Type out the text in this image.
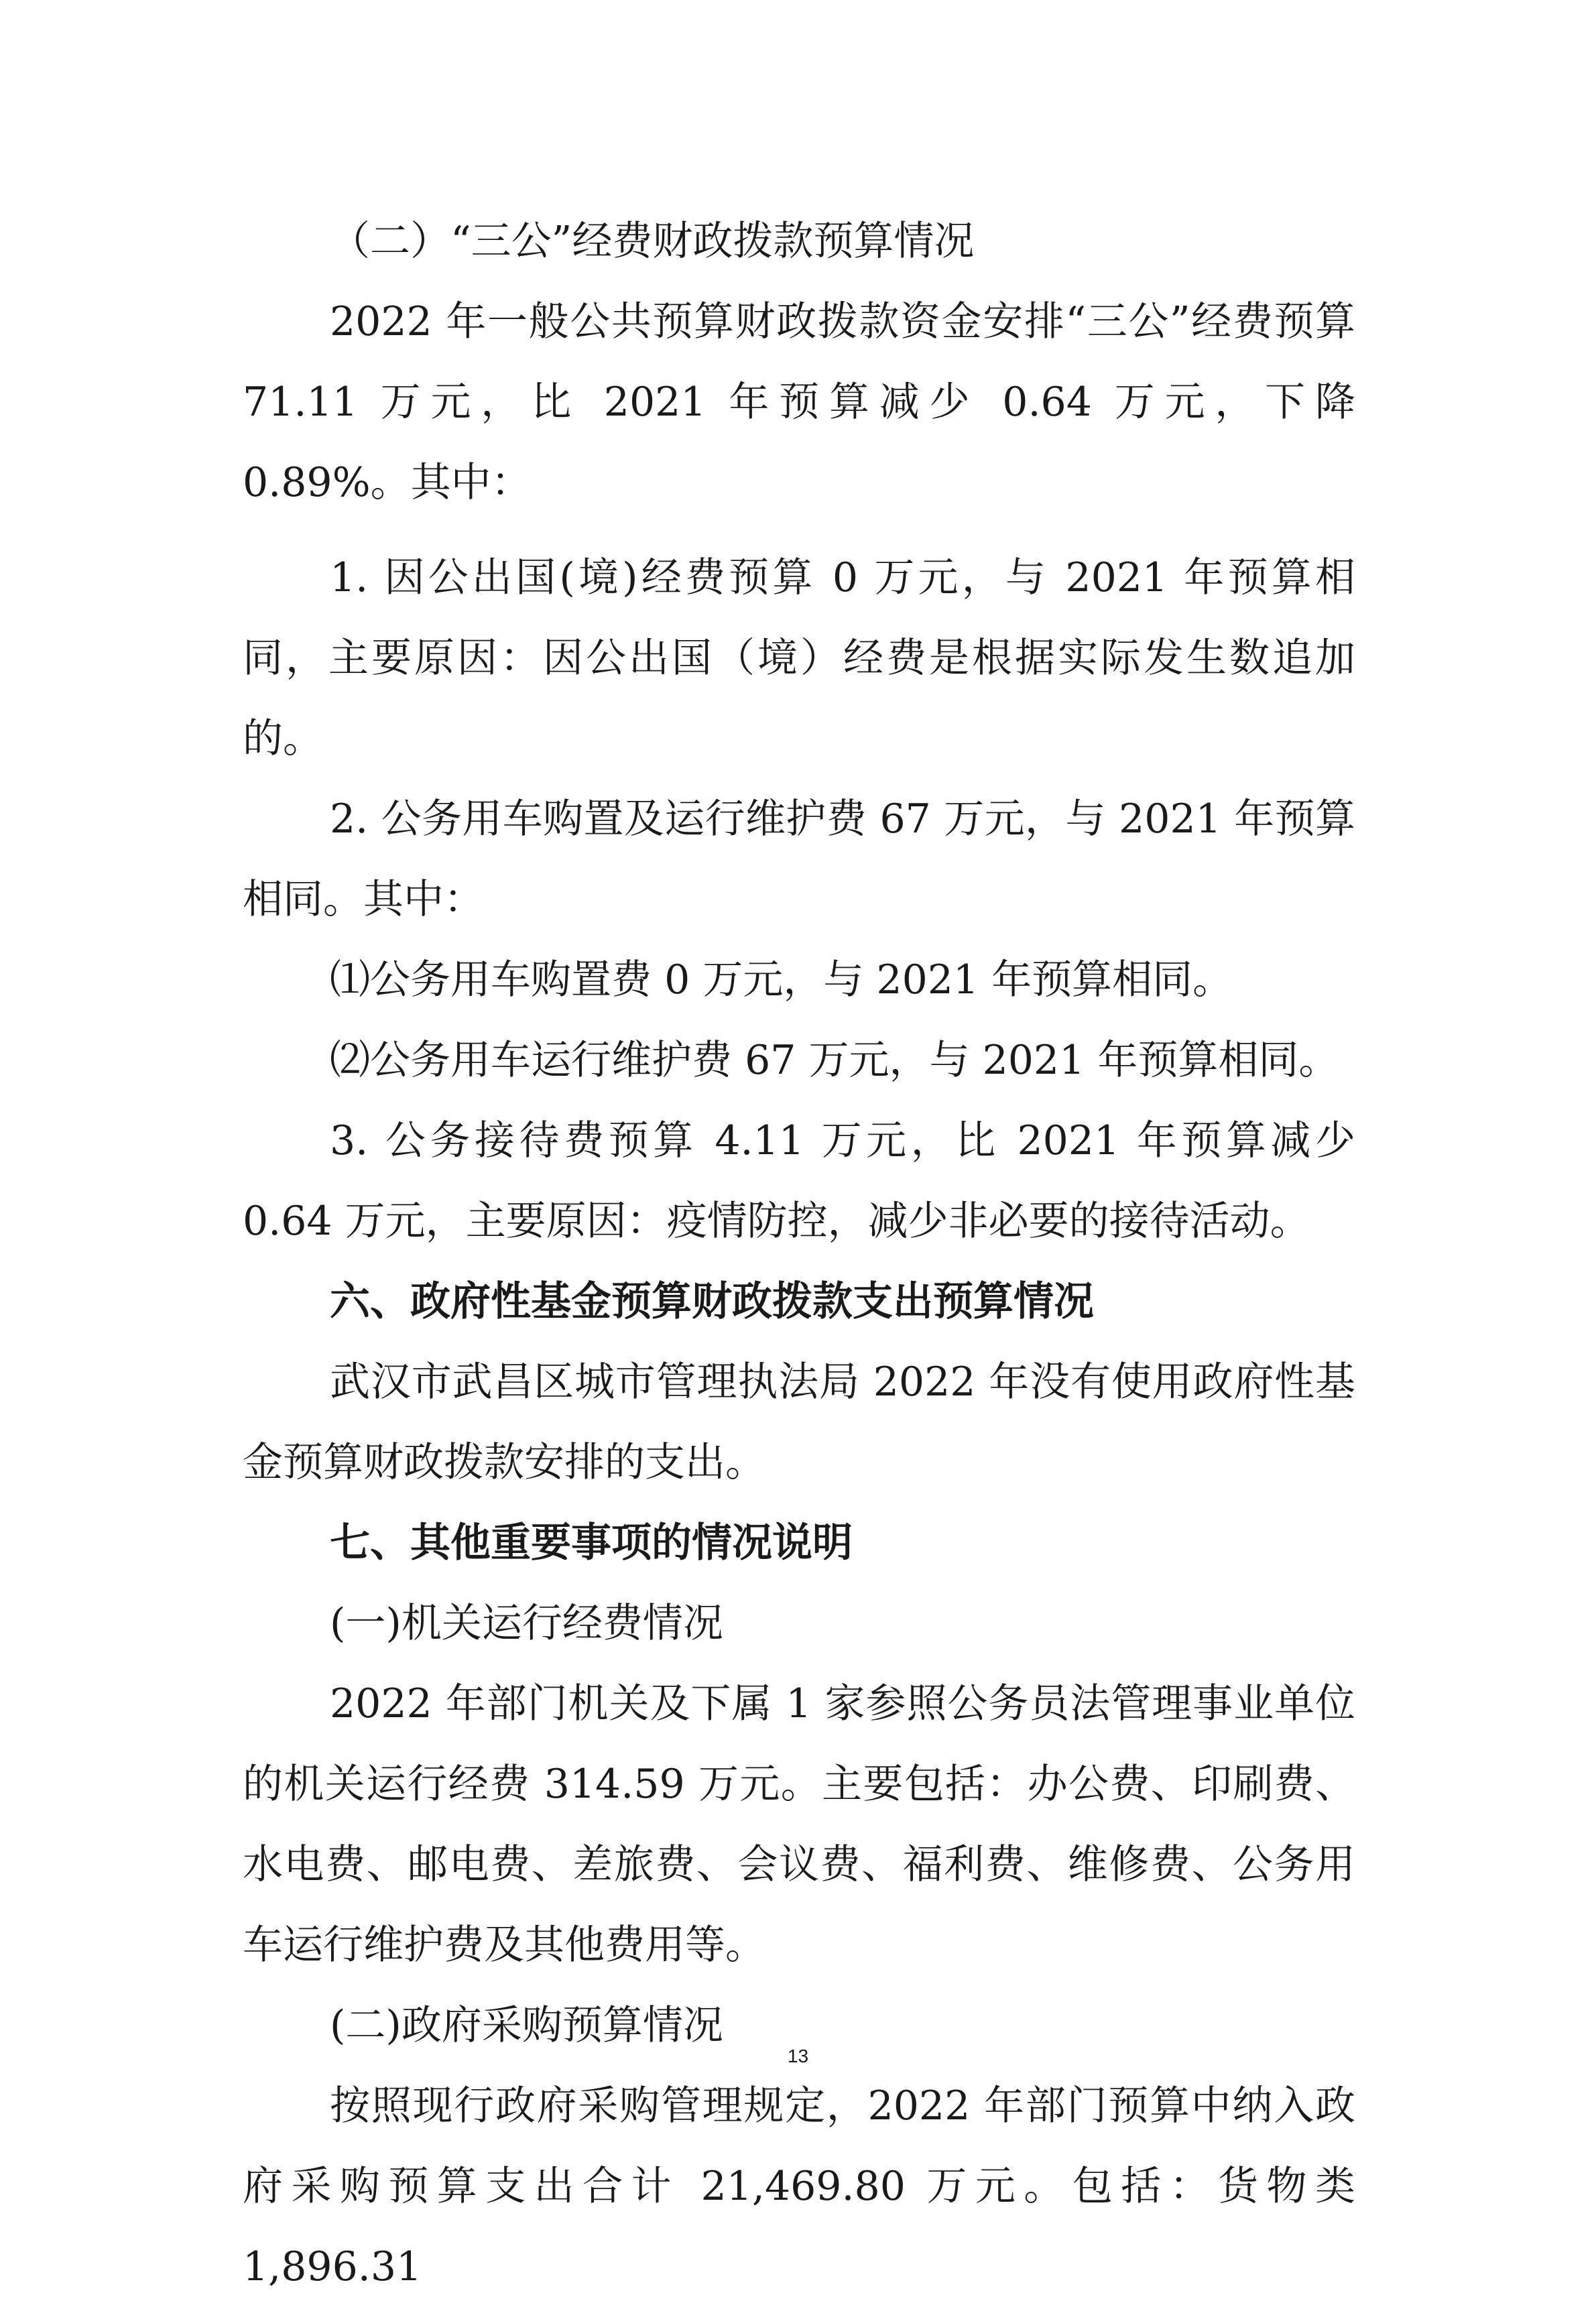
（二）“三公”经费财政拨款预算情况

2022 年一般公共预算财政拨款资金安排“三公”经费预算 71.11 万元，比 2021 年预算减少 0.64 万元，下降 0.89%。其中：

1. 因公出国(境)经费预算 0 万元，与 2021 年预算相同，主要原因：因公出国（境）经费是根据实际发生数追加的。

2. 公务用车购置及运行维护费 67 万元，与 2021 年预算相同。其中：

⑴公务用车购置费 0 万元，与 2021 年预算相同。

⑵公务用车运行维护费 67 万元，与 2021 年预算相同。

3. 公务接待费预算 4.11 万元，比 2021 年预算减少 0.64 万元，主要原因：疫情防控，减少非必要的接待活动。

六、政府性基金预算财政拨款支出预算情况

武汉市武昌区城市管理执法局 2022 年没有使用政府性基金预算财政拨款安排的支出。

七、其他重要事项的情况说明

(一)机关运行经费情况

2022 年部门机关及下属 1 家参照公务员法管理事业单位的机关运行经费 314.59 万元。主要包括：办公费、印刷费、水电费、邮电费、差旅费、会议费、福利费、维修费、公务用车运行维护费及其他费用等。

(二)政府采购预算情况

按照现行政府采购管理规定，2022 年部门预算中纳入政府采购预算支出合计 21,469.80 万元。包括：货物类 1,896.31

13
